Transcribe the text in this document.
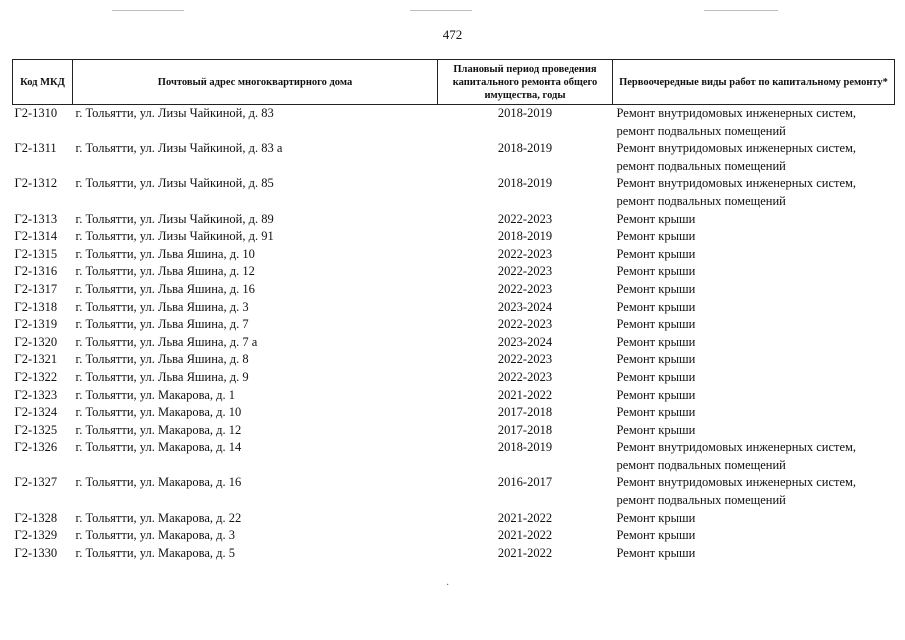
472
Код МКД	Почтовый адрес многоквартирного дома	Плановый период проведения капитального ремонта общего имущества, годы	Первоочередные виды работ по капитальному ремонту*
Г2-1310	г. Тольятти, ул. Лизы Чайкиной, д. 83	2018-2019	Ремонт внутридомовых инженерных систем,
ремонт подвальных помещений

Г2-1311	г. Тольятти, ул. Лизы Чайкиной, д. 83 а	2018-2019	Ремонт внутридомовых инженерных систем,
ремонт подвальных помещений

Г2-1312	г. Тольятти, ул. Лизы Чайкиной, д. 85	2018-2019	Ремонт внутридомовых инженерных систем,
ремонт подвальных помещений

Г2-1313	г. Тольятти, ул. Лизы Чайкиной, д. 89	2022-2023	Ремонт крыши

Г2-1314	г. Тольятти, ул. Лизы Чайкиной, д. 91	2018-2019	Ремонт крыши

Г2-1315	г. Тольятти, ул. Льва Яшина, д. 10	2022-2023	Ремонт крыши

Г2-1316	г. Тольятти, ул. Льва Яшина, д. 12	2022-2023	Ремонт крыши

Г2-1317	г. Тольятти, ул. Льва Яшина, д. 16	2022-2023	Ремонт крыши

Г2-1318	г. Тольятти, ул. Льва Яшина, д. 3	2023-2024	Ремонт крыши

Г2-1319	г. Тольятти, ул. Льва Яшина, д. 7	2022-2023	Ремонт крыши

Г2-1320	г. Тольятти, ул. Льва Яшина, д. 7 а	2023-2024	Ремонт крыши

Г2-1321	г. Тольятти, ул. Льва Яшина, д. 8	2022-2023	Ремонт крыши

Г2-1322	г. Тольятти, ул. Льва Яшина, д. 9	2022-2023	Ремонт крыши

Г2-1323	г. Тольятти, ул. Макарова, д. 1	2021-2022	Ремонт крыши

Г2-1324	г. Тольятти, ул. Макарова, д. 10	2017-2018	Ремонт крыши

Г2-1325	г. Тольятти, ул. Макарова, д. 12	2017-2018	Ремонт крыши

Г2-1326	г. Тольятти, ул. Макарова, д. 14	2018-2019	Ремонт внутридомовых инженерных систем,
ремонт подвальных помещений

Г2-1327	г. Тольятти, ул. Макарова, д. 16	2016-2017	Ремонт внутридомовых инженерных систем,
ремонт подвальных помещений

Г2-1328	г. Тольятти, ул. Макарова, д. 22	2021-2022	Ремонт крыши

Г2-1329	г. Тольятти, ул. Макарова, д. 3	2021-2022	Ремонт крыши

Г2-1330	г. Тольятти, ул. Макарова, д. 5	2021-2022	Ремонт крыши
·
